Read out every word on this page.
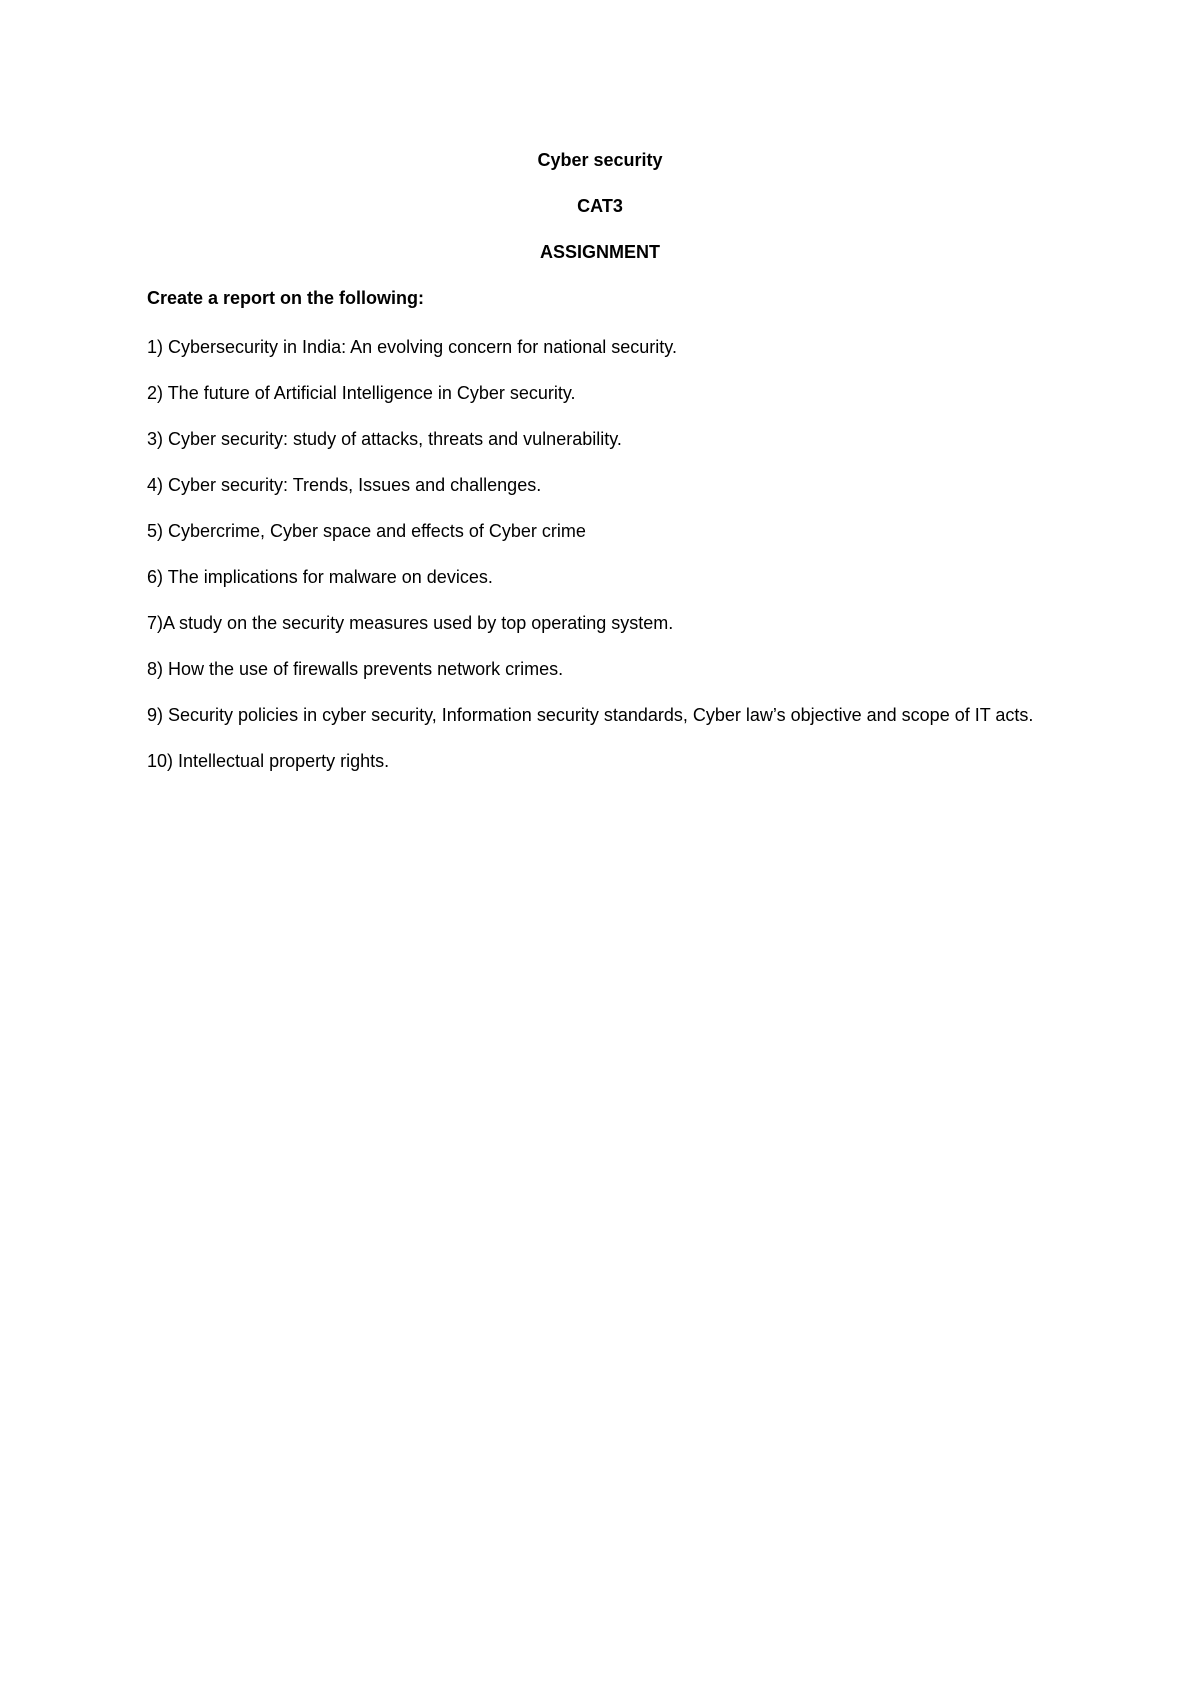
Cyber security
CAT3
ASSIGNMENT
Create a report on the following:
1) Cybersecurity in India: An evolving concern for national security.
2) The future of Artificial Intelligence in Cyber security.
3) Cyber security: study of attacks, threats and vulnerability.
4) Cyber security: Trends, Issues and challenges.
5) Cybercrime, Cyber space and effects of Cyber crime
6) The implications for malware on devices.
7)A study on the security measures used by top operating system.
8) How the use of firewalls prevents network crimes.
9) Security policies in cyber security, Information security standards, Cyber law’s objective and scope of IT acts.
10) Intellectual property rights.
